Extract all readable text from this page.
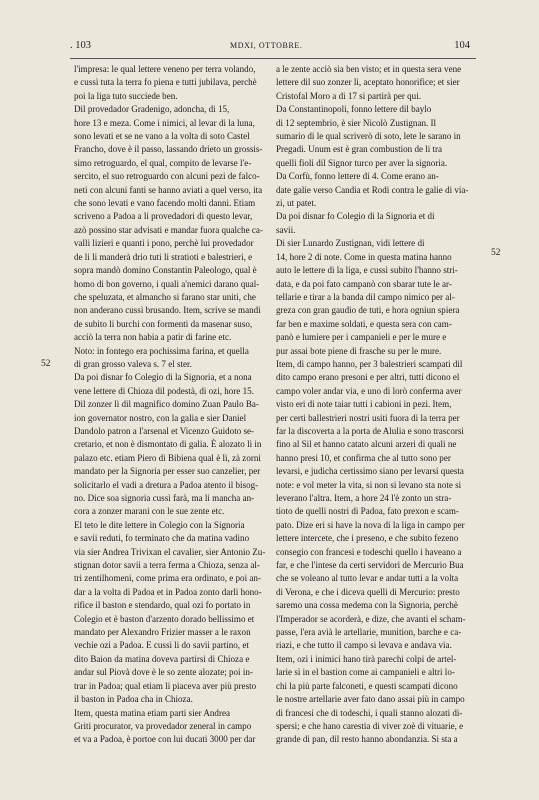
. 103	MDXI, OTTOBRE.	104
52
52
l'impresa: le qual lettere veneno per terra volando,
e cussì tuta la terra fo piena e tutti jubilava, perchè
poi la liga tuto succiede ben.
Dil provedador Gradenigo, adoncha, di 15,
hore 13 e meza. Come i nimici, al levar di la luna,
sono levati et se ne vano a la volta di soto Castel
Francho, dove è il passo, lassando drieto un grossis-
simo retroguardo, el qual, compito de levarse l'e-
sercito, el suo retroguardo con alcuni pezi de falco-
neti con alcuni fanti se hanno aviati a quel verso, ita
che sono levati e vano facendo molti danni. Etiam
scriveno a Padoa a li provedadori di questo levar,
azò possino star advisati e mandar fuora qualche ca-
valli lizieri e quanti i pono, perchè lui provedador
de li li manderà drio tuti li stratioti e balestrieri, e
sopra mandò domino Constantin Paleologo, qual è
homo di bon governo, i quali a'nemici darano qual-
che speluzata, et almancho si farano star uniti, che
non anderano cussì brusando. Item, scrive se mandi
de subito li burchi con formenti da masenar suso,
acciò la terra non habia a patir di farine etc.
Noto: in fontego era pochissima farina, et quella
di gran grosso valeva s. 7 el ster.
Da poi disnar fo Colegio di la Signoria, et a nona
vene lettere di Chioza dil podestà, di ozi, hore 15.
Dil zonzer lì dil magnifico domino Zuan Paulo Ba-
ion governator nostro, con la galia e sier Daniel
Dandolo patron a l'arsenal et Vicenzo Guidoto se-
cretario, et non è dismontato di galia. È alozato lì in
palazo etc. etiam Piero di Bibiena qual è lì, zà zorni
mandato per la Signoria per esser suo canzelier, per
solicitarlo el vadi a dretura a Padoa atento il bisog-
no. Dice soa signoria cussì farà, ma li mancha an-
cora a zonzer marani con le sue zente etc.
El teto le dite lettere in Colegio con la Signoria
e savii reduti, fo terminato che da matina vadino
via sier Andrea Trivixan el cavalier, sier Antonio Zu-
stignan dotor savii a terra ferma a Chioza, senza al-
tri zentilhomeni, come prima era ordinato, e poi an-
dar a la volta di Padoa et in Padoa zonto darli hono-
rifice il baston e stendardo, qual ozi fo portato in
Colegio et è baston d'arzento dorado bellissimo et
mandato per Alexandro Frizier masser a le raxon
vechie ozi a Padoa. E cussì li do savii partino, et
dito Baion da matina doveva partirsi di Chioza e
andar sul Piovà dove è le so zente alozate; poi in-
trar in Padoa; qual etiam li piaceva aver più presto
il baston in Padoa cha in Chioza.
Item, questa matina etiam parti sier Andrea
Griti procurator, va provedador zeneral in campo
et va a Padoa, è portoe con lui ducati 3000 per dar
a le zente acciò sia ben visto; et in questa sera vene
lettere dil suo zonzer lì, aceptato honorifice; et sier
Cristofal Moro a di 17 si partirà per qui.
Da Constantinopoli, fonno lettere dil baylo
di 12 septembrio, è sier Nicolò Zustignan. Il
sumario di le qual scriverò di soto, lete le sarano in
Pregadi. Unum est è gran combustion de li tra
quelli fioli dil Signor turco per aver la signoria.
Da Corfù, fonno lettere di 4. Come erano an-
date galie verso Candia et Rodi contra le galie di via-
zi, ut patet.
Da poi disnar fo Colegio di la Signoria et di
savii.
Di sier Lunardo Zustignan, vidi lettere di
14, hore 2 di note. Come in questa matina hanno
auto le lettere di la liga, e cussì subito l'hanno stri-
data, e da poi fato campanò con sbarar tute le ar-
tellarie e tirar a la banda dil campo nimico per al-
greza con gran gaudio de tuti, e hora ogniun spiera
far ben e maxime soldati, e questa sera con cam-
panò e lumiere per i campanieli e per le mure e
pur assai bote piene di frasche su per le mure.
Item, di campo hanno, per 3 balestrieri scampati dil
dito campo erano presoni e per altri, tutti dicono el
campo voler andar via, e uno di lorò conferma aver
visto eri di note taiar tutti i cabioni in pezi. Item,
per certi ballestrieri nostri usiti fuora di la terra per
far la discoverta a la porta de Alulia e sono trascorsi
fino al Sil et hanno catato alcuni arzeri di quali ne
hanno presi 10, et confirma che al tutto sono per
levarsi, e judicha certissimo siano per levarsi questa
note: e vol meter la vita, si non si levano sta note si
leverano l'altra. Item, a hore 24 l'è zonto un stra-
tioto de quelli nostri di Padoa, fato prexon e scam-
pato. Dize eri si have la nova di la liga in campo per
lettere intercete, che i preseno, e che subito fezeno
consegio con francesi e todeschi quello i haveano a
far, e che l'intese da certi servidori de Mercurio Bua
che se voleano al tutto levar e andar tutti a la volta
di Verona, e che i diceva quelli di Mercurio: presto
saremo una cossa medema con la Signoria, perchè
l'Imperador se acorderà, e dize, che avanti el scham-
passe, l'era avià le artellarie, munition, barche e ca-
riazi, e che tutto il campo si levava e andava via.
Item, ozi i inimici hano tirà parechi colpi de artel-
larie sì in el bastion come ai campanieli e altri lo-
chi la più parte falconeti, e questi scampati dicono
le nostre artellarie aver fato dano assai più in campo
di francesi che di todeschi, i quali stanno alozati di-
spersi; e che hano carestia di viver zoè di vituarie, e
grande di pan, dil resto hanno abondanzia. Si sta a
